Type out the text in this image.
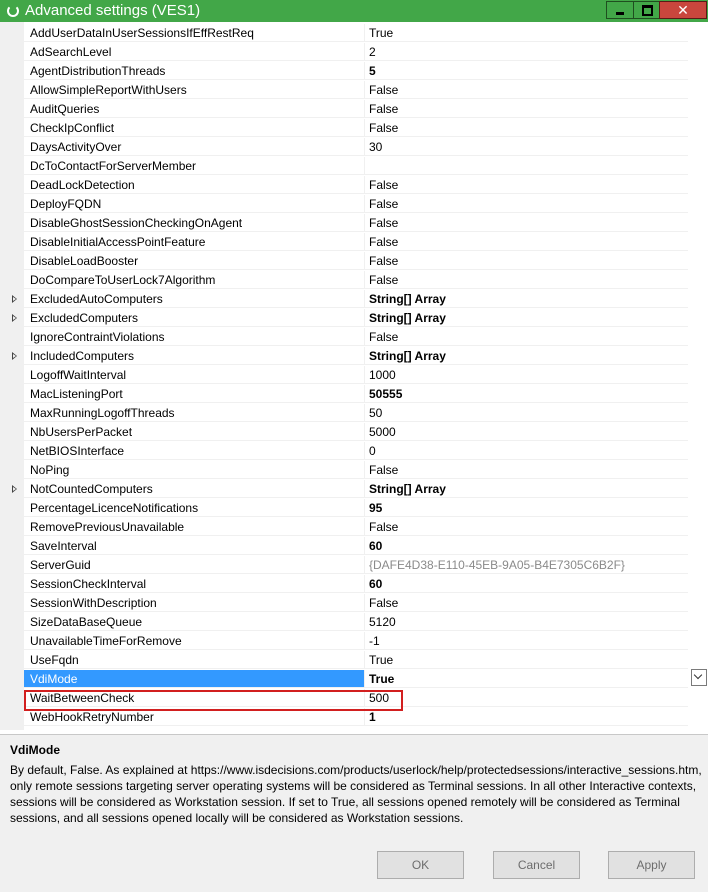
Advanced settings (VES1)	✕
AddUserDataInUserSessionsIfEffRestReq	True
AdSearchLevel	2
AgentDistributionThreads	5
AllowSimpleReportWithUsers	False
AuditQueries	False
CheckIpConflict	False
DaysActivityOver	30
DcToContactForServerMember
DeadLockDetection	False
DeployFQDN	False
DisableGhostSessionCheckingOnAgent	False
DisableInitialAccessPointFeature	False
DisableLoadBooster	False
DoCompareToUserLock7Algorithm	False
ExcludedAutoComputers	String[] Array
ExcludedComputers	String[] Array
IgnoreContraintViolations	False
IncludedComputers	String[] Array
LogoffWaitInterval	1000
MacListeningPort	50555
MaxRunningLogoffThreads	50
NbUsersPerPacket	5000
NetBIOSInterface	0
NoPing	False
NotCountedComputers	String[] Array
PercentageLicenceNotifications	95
RemovePreviousUnavailable	False
SaveInterval	60
ServerGuid	{DAFE4D38-E110-45EB-9A05-B4E7305C6B2F}
SessionCheckInterval	60
SessionWithDescription	False
SizeDataBaseQueue	5120
UnavailableTimeForRemove	-1
UseFqdn	True
VdiMode	True
WaitBetweenCheck	500
WebHookRetryNumber	1
VdiMode
By default, False. As explained at https://www.isdecisions.com/products/userlock/help/protectedsessions/interactive_sessions.htm, only remote sessions targeting server operating systems will be considered as Terminal sessions. In all other Interactive contexts, sessions will be considered as Workstation session. If set to True, all sessions opened remotely will be considered as Terminal sessions, and all sessions opened locally will be considered as Workstation sessions.
OK	Cancel	Apply
